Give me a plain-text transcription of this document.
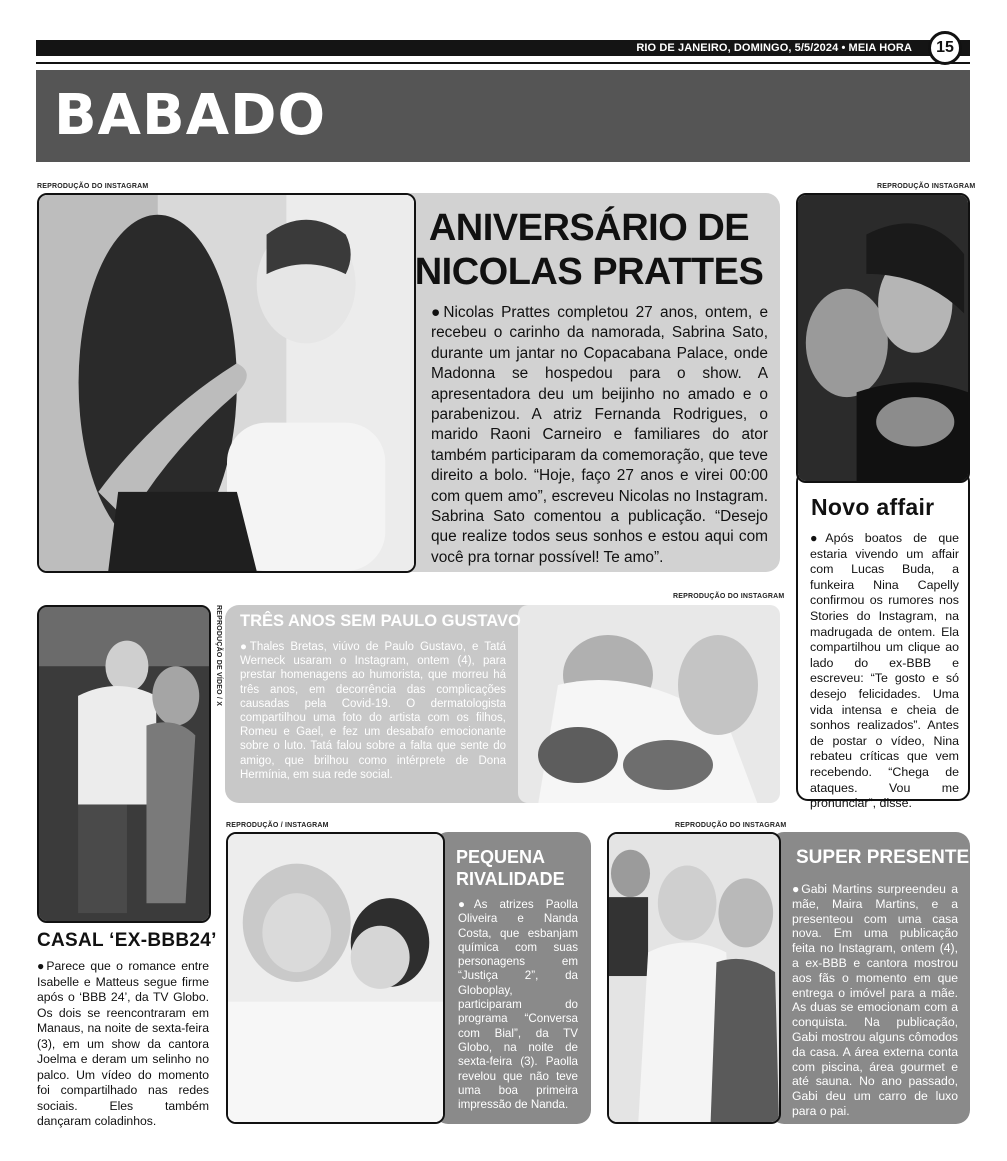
RIO DE JANEIRO, DOMINGO, 5/5/2024 • MEIA HORA	15
BABADO
REPRODUÇÃO DO INSTAGRAM
ANIVERSÁRIO DE
NICOLAS PRATTES
●Nicolas Prattes completou 27 anos, ontem, e recebeu o carinho da namorada, Sabrina Sato, durante um jantar no Copacabana Palace, onde Madonna se hospedou para o show. A apresentadora deu um beijinho no amado e o parabenizou. A atriz Fernanda Rodrigues, o marido Raoni Carneiro e familiares do ator também participaram da comemoração, que teve direito a bolo. “Hoje, faço 27 anos e virei 00:00 com quem amo”, escreveu Nicolas no Instagram. Sabrina Sato comentou a publicação. “Desejo que realize todos seus sonhos e estou aqui com você pra tornar possível! Te amo”.
REPRODUÇÃO INSTAGRAM
Novo affair
●Após boatos de que estaria vivendo um affair com Lucas Buda, a funkeira Nina Capelly confirmou os rumores nos Stories do Instagram, na madrugada de ontem. Ela compartilhou um clique ao lado do ex-BBB e escreveu: “Te gosto e só desejo felicidades. Uma vida intensa e cheia de sonhos realizados”. Antes de postar o vídeo, Nina rebateu críticas que vem recebendo. “Chega de ataques. Vou me pronunciar”, disse.
REPRODUÇÃO DO INSTAGRAM
TRÊS ANOS SEM PAULO GUSTAVO
●Thales Bretas, viúvo de Paulo Gustavo, e Tatá Werneck usaram o Instagram, ontem (4), para prestar homenagens ao humorista, que morreu há três anos, em decorrência das complicações causadas pela Covid-19. O dermatologista compartilhou uma foto do artista com os filhos, Romeu e Gael, e fez um desabafo emocionante sobre o luto. Tatá falou sobre a falta que sente do amigo, que brilhou como intérprete de Dona Hermínia, em sua rede social.
REPRODUÇÃO DE VÍDEO / X
CASAL ‘EX-BBB24’
●Parece que o romance entre Isabelle e Matteus segue firme após o ‘BBB 24’, da TV Globo. Os dois se reencontraram em Manaus, na noite de sexta-feira (3), em um show da cantora Joelma e deram um selinho no palco. Um vídeo do momento foi compartilhado nas redes sociais. Eles também dançaram coladinhos.
REPRODUÇÃO / INSTAGRAM
PEQUENA
RIVALIDADE
●As atrizes Paolla Oliveira e Nanda Costa, que esbanjam química com suas personagens em “Justiça 2”, da Globoplay, participaram do programa “Conversa com Bial”, da TV Globo, na noite de sexta-feira (3). Paolla revelou que não teve uma boa primeira impressão de Nanda.
REPRODUÇÃO DO INSTAGRAM
SUPER PRESENTE
●Gabi Martins surpreendeu a mãe, Maira Martins, e a presenteou com uma casa nova. Em uma publicação feita no Instagram, ontem (4), a ex-BBB e cantora mostrou aos fãs o momento em que entrega o imóvel para a mãe. As duas se emocionam com a conquista. Na publicação, Gabi mostrou alguns cômodos da casa. A área externa conta com piscina, área gourmet e até sauna. No ano passado, Gabi deu um carro de luxo para o pai.
